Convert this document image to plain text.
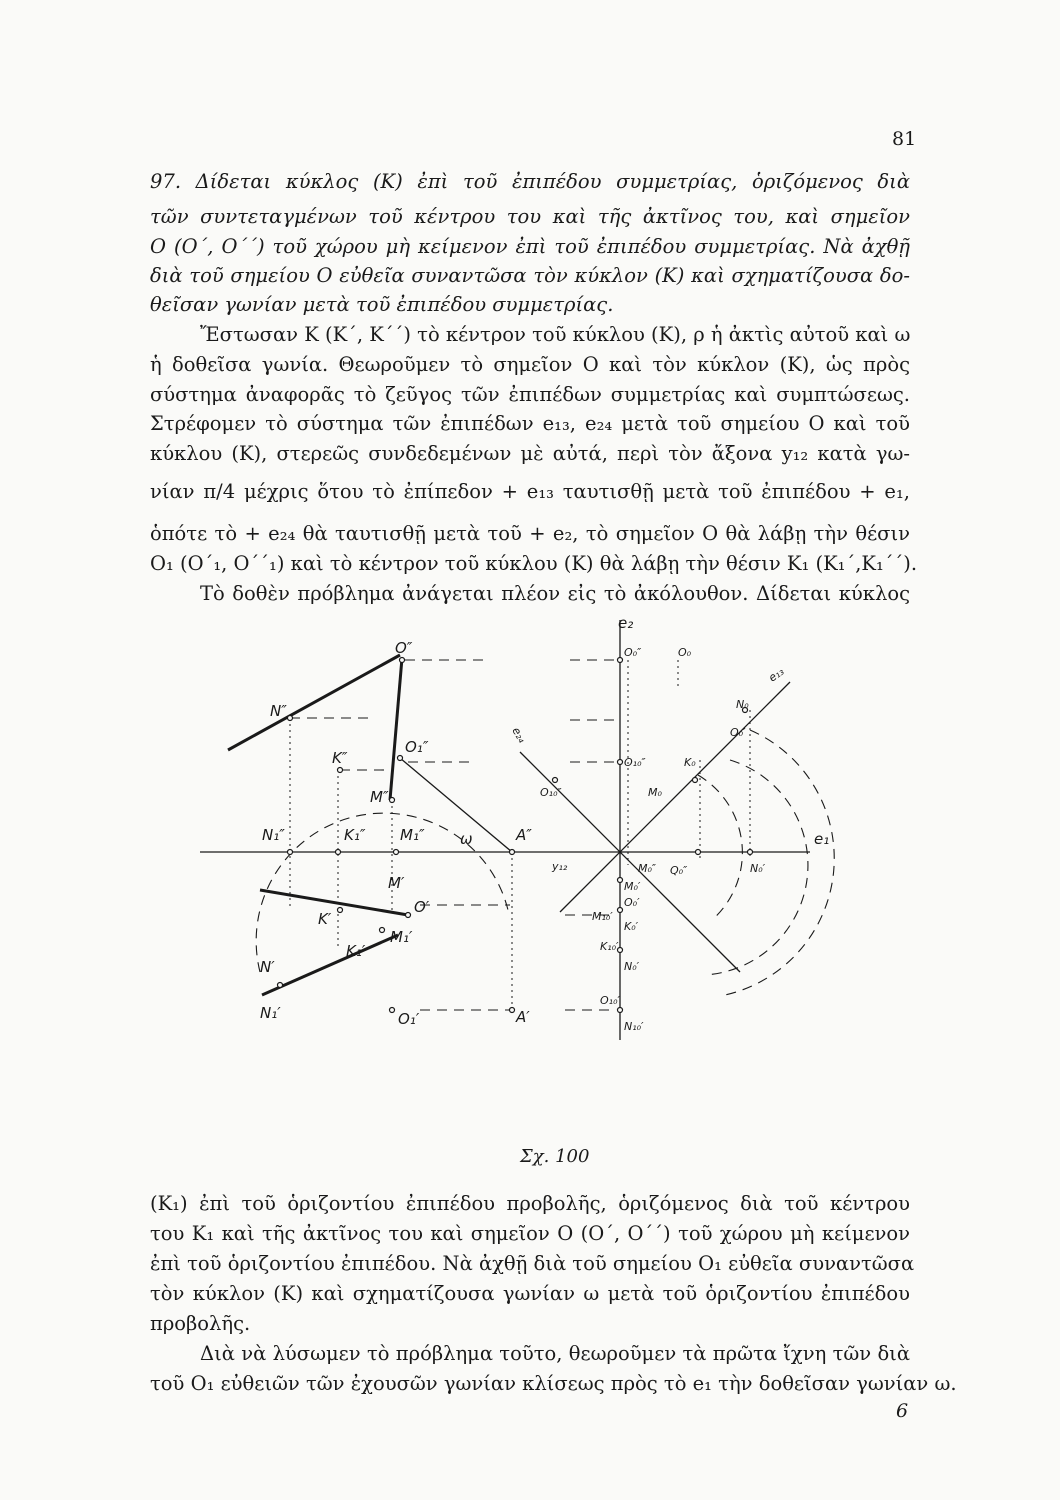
81
97. Δίδεται κύκλος (Κ) ἐπὶ τοῦ ἐπιπέδου συμμετρίας, ὁριζόμενος διὰ
τῶν συντεταγμένων τοῦ κέντρου του καὶ τῆς ἀκτῖνος του, καὶ σημεῖον
Ο (Ο΄, Ο΄΄) τοῦ χώρου μὴ κείμενον ἐπὶ τοῦ ἐπιπέδου συμμετρίας. Νὰ ἀχθῇ
διὰ τοῦ σημείου Ο εὐθεῖα συναντῶσα τὸν κύκλον (Κ) καὶ σχηματίζουσα δο-
θεῖσαν γωνίαν μετὰ τοῦ ἐπιπέδου συμμετρίας.
Ἔστωσαν Κ (Κ΄, Κ΄΄) τὸ κέντρον τοῦ κύκλου (Κ), ρ ἡ ἀκτὶς αὐτοῦ καὶ ω
ἡ δοθεῖσα γωνία. Θεωροῦμεν τὸ σημεῖον Ο καὶ τὸν κύκλον (Κ), ὡς πρὸς
σύστημα ἀναφορᾶς τὸ ζεῦγος τῶν ἐπιπέδων συμμετρίας καὶ συμπτώσεως.
Στρέφομεν τὸ σύστημα τῶν ἐπιπέδων e₁₃, e₂₄ μετὰ τοῦ σημείου Ο καὶ τοῦ
κύκλου (Κ), στερεῶς συνδεδεμένων μὲ αὐτά, περὶ τὸν ἄξονα y₁₂ κατὰ γω-
νίαν π/4 μέχρις ὅτου τὸ ἐπίπεδον + e₁₃ ταυτισθῇ μετὰ τοῦ ἐπιπέδου + e₁,
ὁπότε τὸ + e₂₄ θὰ ταυτισθῇ μετὰ τοῦ + e₂, τὸ σημεῖον Ο θὰ λάβῃ τὴν θέσιν
Ο₁ (Ο΄₁, Ο΄΄₁) καὶ τὸ κέντρον τοῦ κύκλου (Κ) θὰ λάβῃ τὴν θέσιν Κ₁ (Κ₁΄,Κ₁΄΄).
Τὸ δοθὲν πρόβλημα ἀνάγεται πλέον εἰς τὸ ἀκόλουθον. Δίδεται κύκλος
e₂
e₁
e₂₄
e₁₃
y₁₂
O″
O₁″
K″
M″
N″
A″
N₁″	K₁″ M₁″ ω
M′
O′
K′
M₁′
K₁′
N′
O₁′	A′
N₁′
O₀″	O₀
O₁₀″
O₁₀″
N₀
O₀′
K₀
M₀
M₀″ Q₀″	N₀′
M₀′
O₀′
M₁₀′
K₀′
K₁₀′
N₀′
O₁₀′
N₁₀′
Σχ. 100
(Κ₁) ἐπὶ τοῦ ὁριζοντίου ἐπιπέδου προβολῆς, ὁριζόμενος διὰ τοῦ κέντρου
του Κ₁ καὶ τῆς ἀκτῖνος του καὶ σημεῖον Ο (Ο΄, Ο΄΄) τοῦ χώρου μὴ κείμενον
ἐπὶ τοῦ ὁριζοντίου ἐπιπέδου. Νὰ ἀχθῇ διὰ τοῦ σημείου Ο₁ εὐθεῖα συναντῶσα
τὸν κύκλον (Κ) καὶ σχηματίζουσα γωνίαν ω μετὰ τοῦ ὁριζοντίου ἐπιπέδου
προβολῆς.
Διὰ νὰ λύσωμεν τὸ πρόβλημα τοῦτο, θεωροῦμεν τὰ πρῶτα ἴχνη τῶν διὰ
τοῦ Ο₁ εὐθειῶν τῶν ἐχουσῶν γωνίαν κλίσεως πρὸς τὸ e₁ τὴν δοθεῖσαν γωνίαν ω.
6
